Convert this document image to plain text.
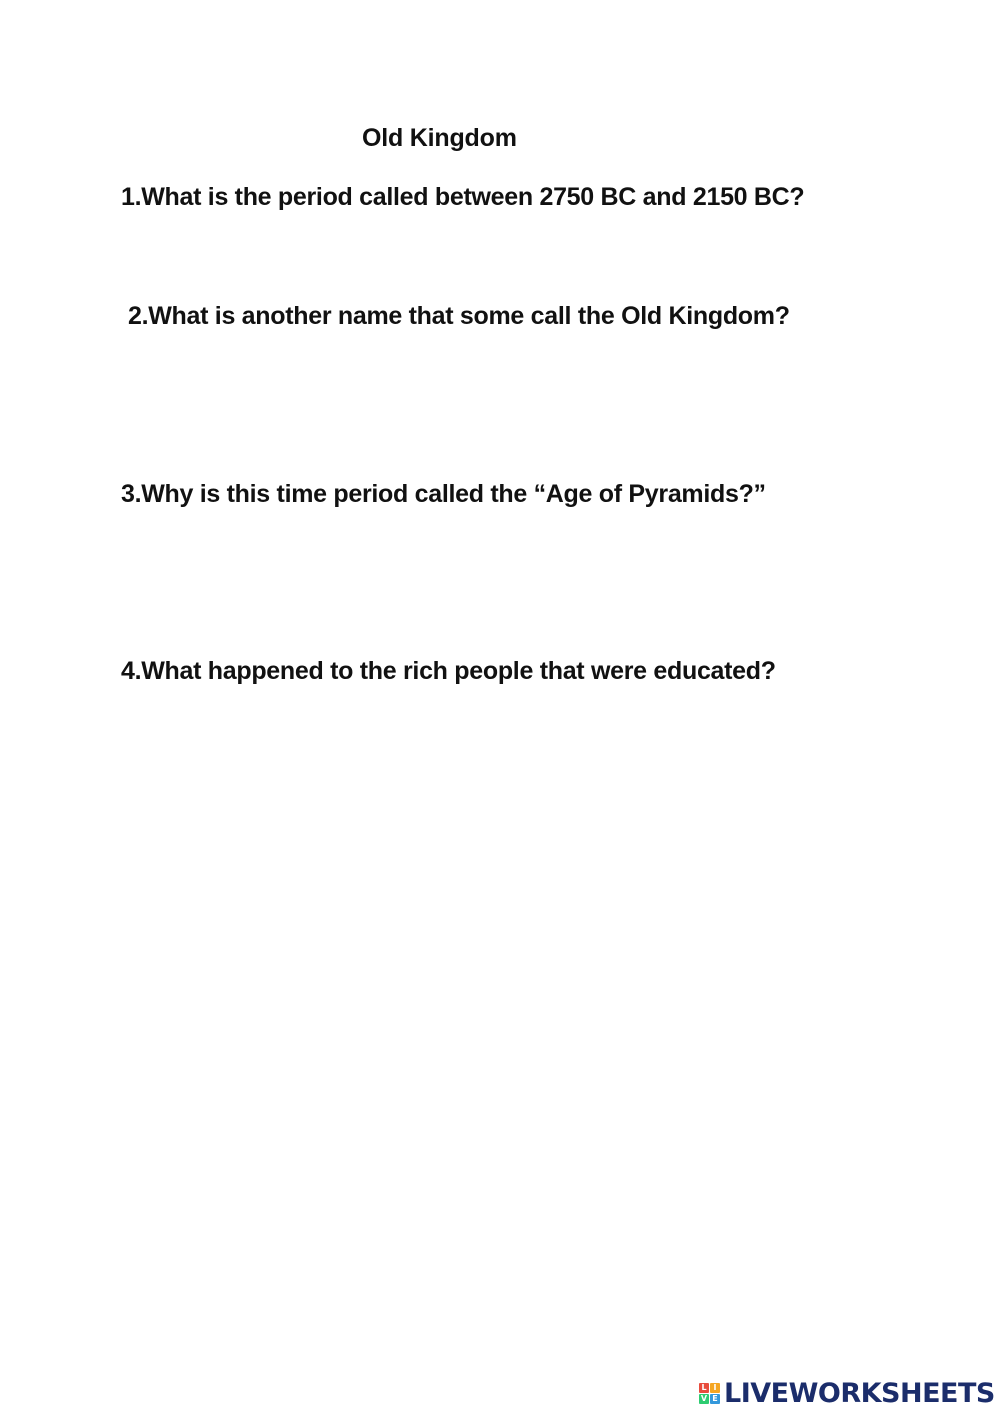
Old Kingdom
1.What is the period called between 2750 BC and 2150 BC?
2.What is another name that some call the Old Kingdom?
3.Why is this time period called the “Age of Pyramids?”
4.What happened to the rich people that were educated?
L I
V E LIVEWORKSHEETS
